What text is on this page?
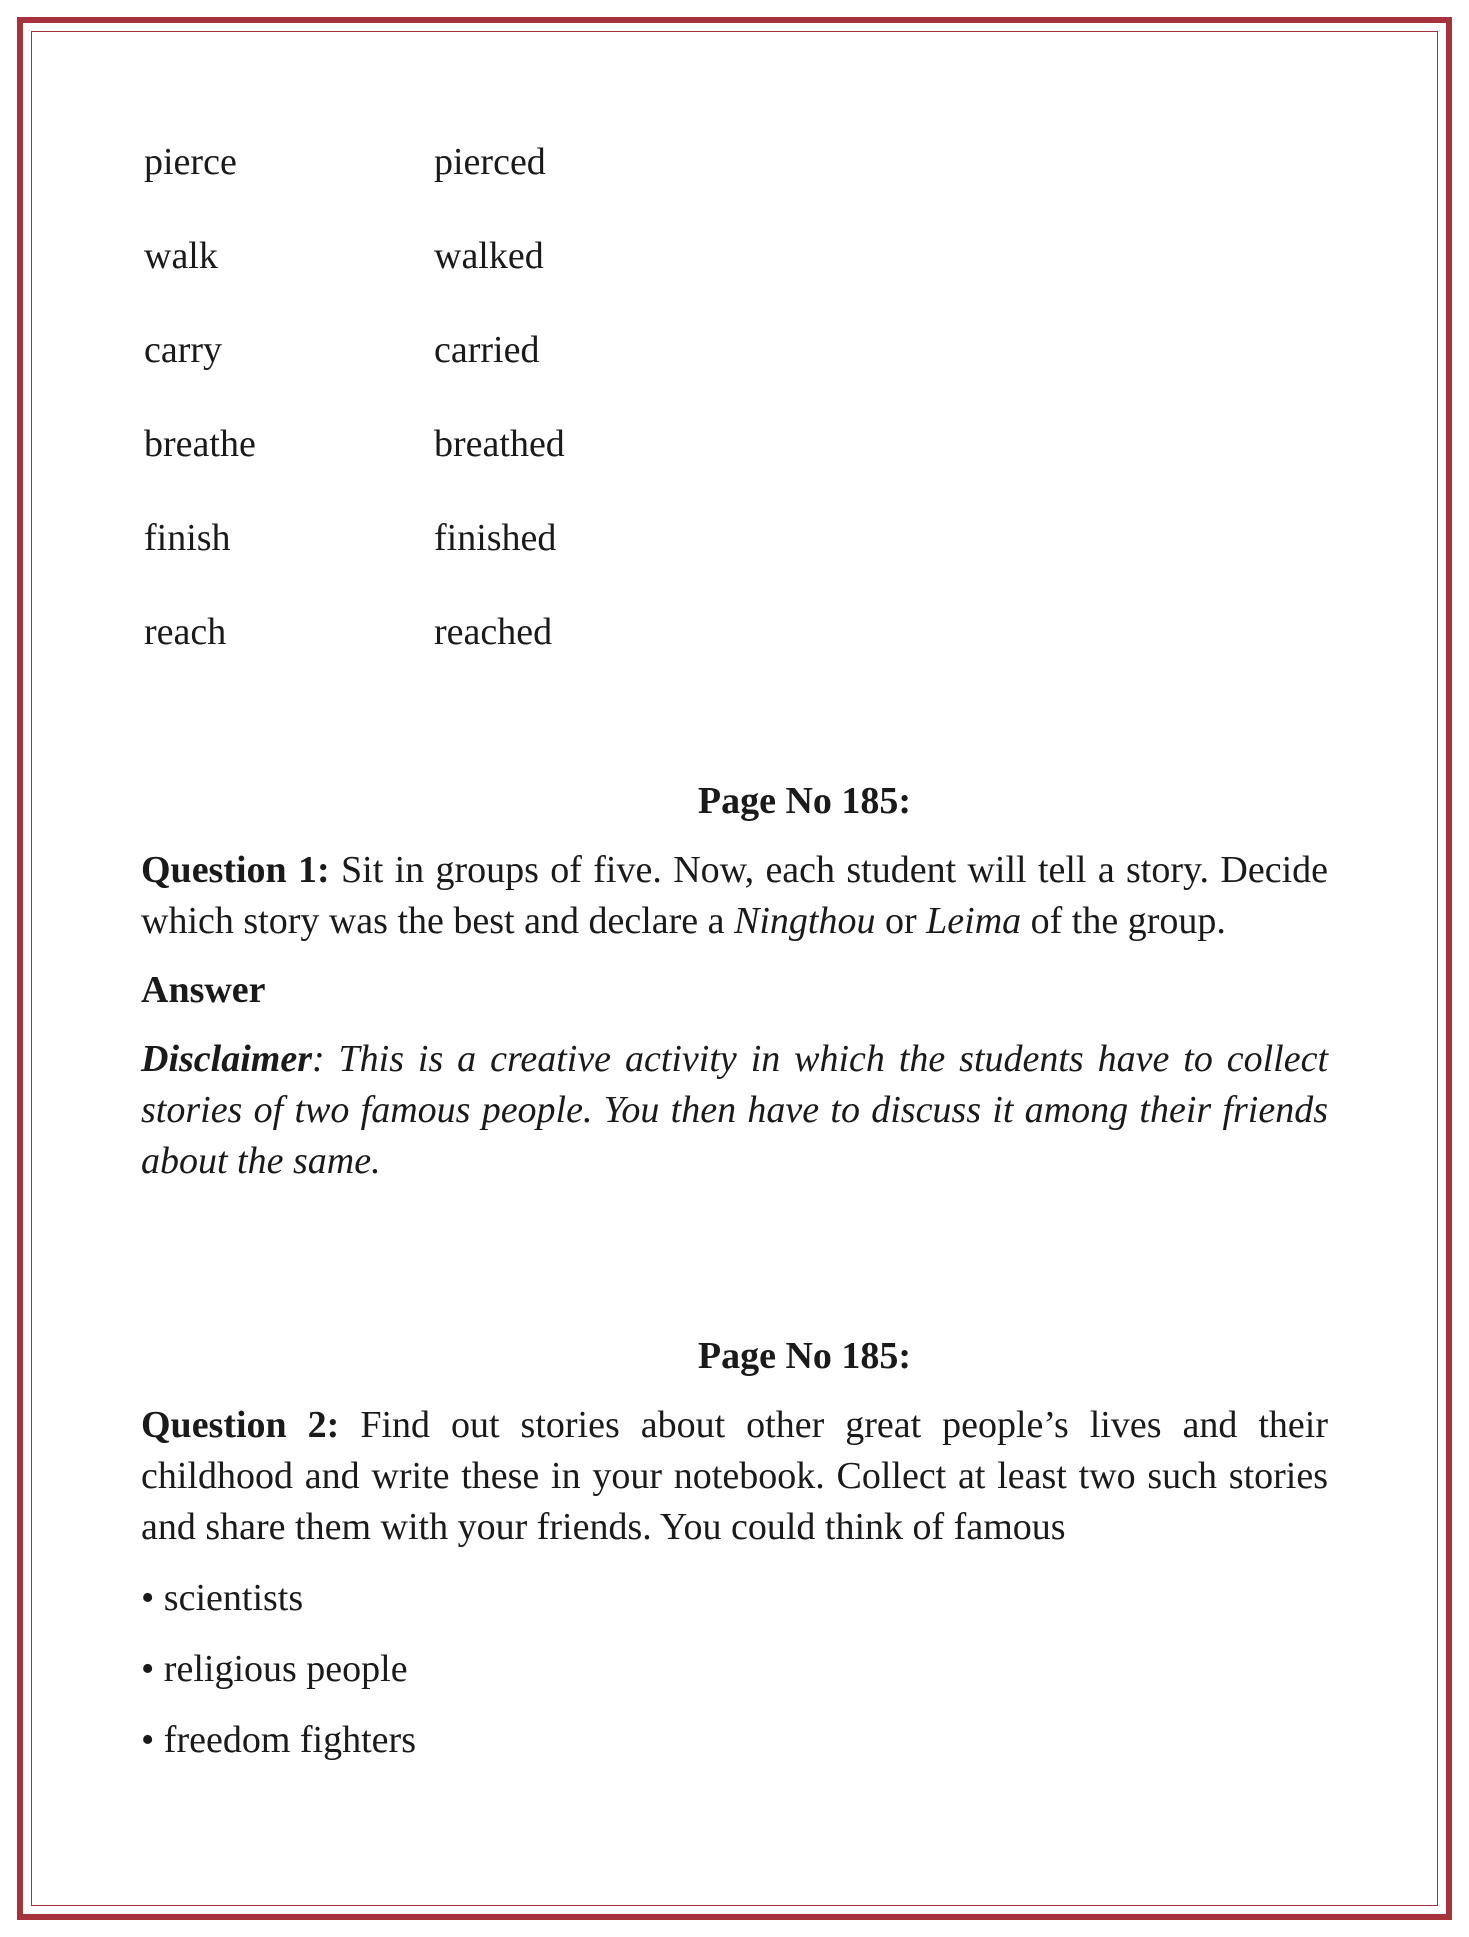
pierce	pierced
walk	walked
carry	carried
breathe	breathed
finish	finished
reach	reached

Page No 185:

Question 1: Sit in groups of five. Now, each student will tell a story. Decide which story was the best and declare a Ningthou or Leima of the group.

Answer

Disclaimer: This is a creative activity in which the students have to collect stories of two famous people. You then have to discuss it among their friends about the same.

Page No 185:

Question 2: Find out stories about other great people’s lives and their childhood and write these in your notebook. Collect at least two such stories and share them with your friends. You could think of famous

• scientists

• religious people

• freedom fighters
